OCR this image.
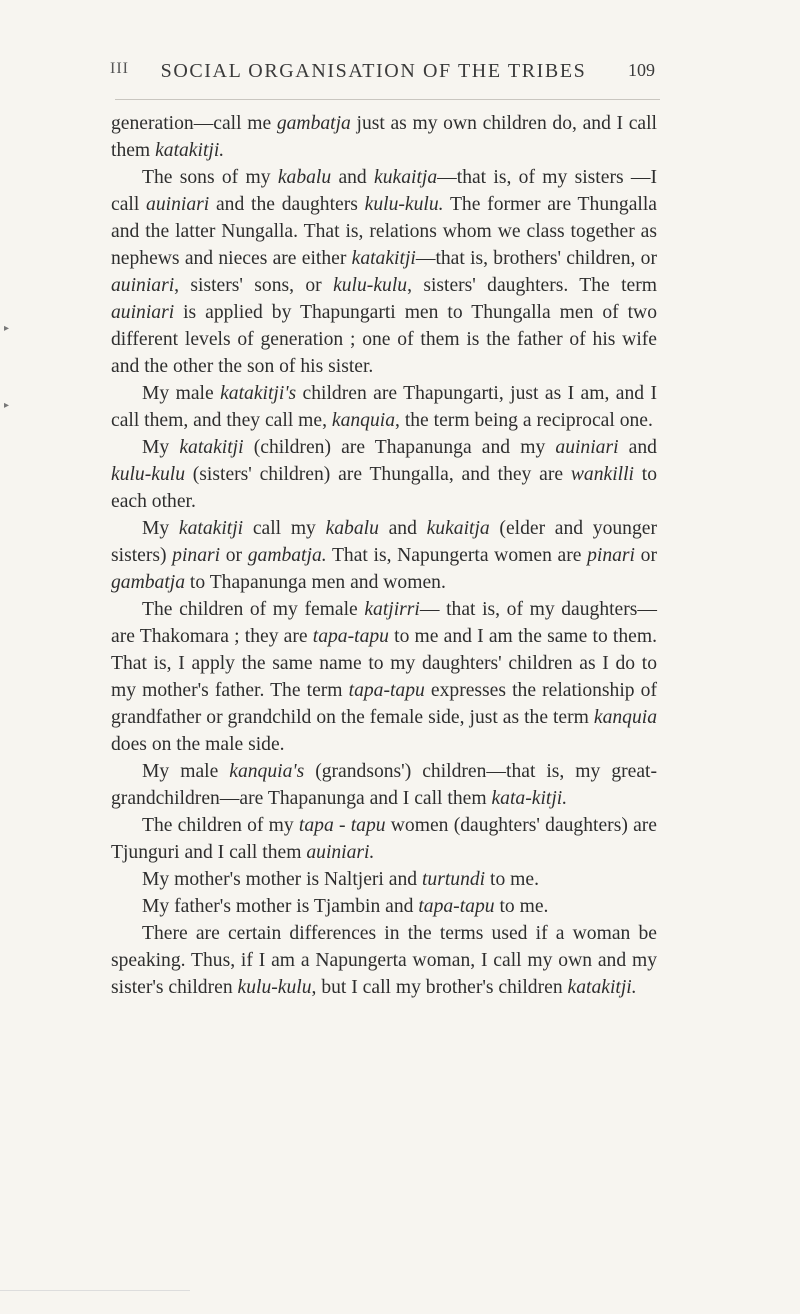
III	SOCIAL ORGANISATION OF THE TRIBES	109

generation—call me gambatja just as my own children do, and I call them katakitji.

The sons of my kabalu and kukaitja—that is, of my sisters —I call auiniari and the daughters kulu-kulu. The former are Thungalla and the latter Nungalla. That is, relations whom we class together as nephews and nieces are either katakitji—that is, brothers' children, or auiniari, sisters' sons, or kulu-kulu, sisters' daughters. The term auiniari is applied by Thapungarti men to Thungalla men of two different levels of generation ; one of them is the father of his wife and the other the son of his sister.

My male katakitji's children are Thapungarti, just as I am, and I call them, and they call me, kanquia, the term being a reciprocal one.

My katakitji (children) are Thapanunga and my auiniari and kulu-kulu (sisters' children) are Thungalla, and they are wankilli to each other.

My katakitji call my kabalu and kukaitja (elder and younger sisters) pinari or gambatja. That is, Napungerta women are pinari or gambatja to Thapanunga men and women.

The children of my female katjirri— that is, of my daughters—are Thakomara ; they are tapa-tapu to me and I am the same to them. That is, I apply the same name to my daughters' children as I do to my mother's father. The term tapa-tapu expresses the relationship of grandfather or grandchild on the female side, just as the term kanquia does on the male side.

My male kanquia's (grandsons') children—that is, my great-grandchildren—are Thapanunga and I call them kata-kitji.

The children of my tapa - tapu women (daughters' daughters) are Tjunguri and I call them auiniari.

My mother's mother is Naltjeri and turtundi to me.

My father's mother is Tjambin and tapa-tapu to me.

There are certain differences in the terms used if a woman be speaking. Thus, if I am a Napungerta woman, I call my own and my sister's children kulu-kulu, but I call my brother's children katakitji.

▸
▸
